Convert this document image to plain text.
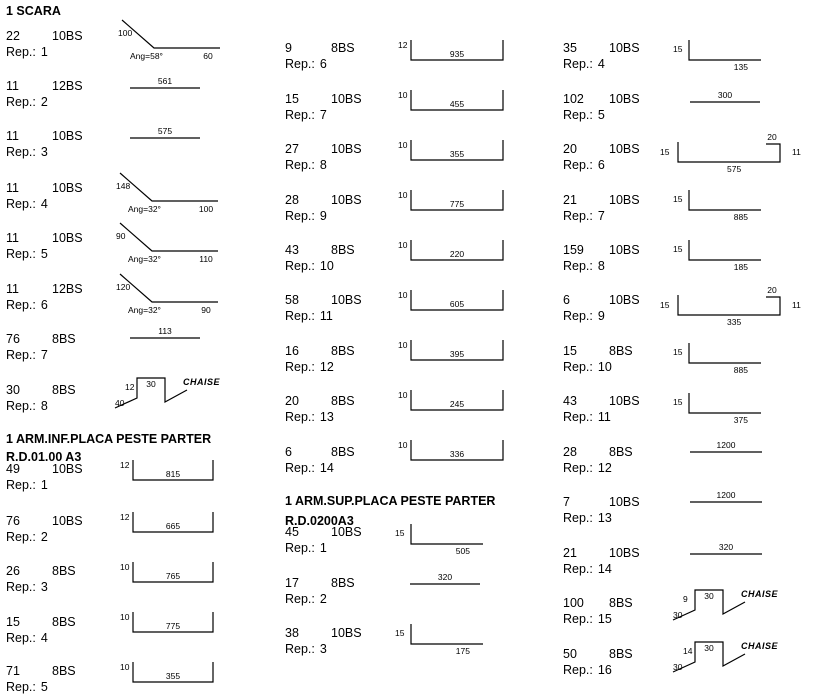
1 SCARA
1 ARM.INF.PLACA PESTE PARTER
R.D.01.00 A3
1 ARM.SUP.PLACA PESTE PARTER
R.D.0200A3
22	10BS
Rep.: 1
11	12BS
Rep.: 2
11	10BS
Rep.: 3
11	10BS
Rep.: 4
11	10BS
Rep.: 5
11	12BS
Rep.: 6
76	8BS
Rep.: 7
30	8BS
Rep.: 8
49	10BS
Rep.: 1
76	10BS
Rep.: 2
26	8BS
Rep.: 3
15	8BS
Rep.: 4
71	8BS
Rep.: 5
9	8BS
Rep.: 6
15	10BS
Rep.: 7
27	10BS
Rep.: 8
28	10BS
Rep.: 9
43	8BS
Rep.: 10
58	10BS
Rep.: 11
16	8BS
Rep.: 12
20	8BS
Rep.: 13
6	8BS
Rep.: 14
45	10BS
Rep.: 1
17	8BS
Rep.: 2
38	10BS
Rep.: 3
35	10BS
Rep.: 4
102 10BS
Rep.: 5
20	10BS
Rep.: 6
21	10BS
Rep.: 7
159 10BS
Rep.: 8
6	10BS
Rep.: 9
15	8BS
Rep.: 10
43	10BS
Rep.: 11
28	8BS
Rep.: 12
7	10BS
Rep.: 13
21	10BS
Rep.: 14
100 8BS
Rep.: 15
50	8BS
Rep.: 16
100
Ang=58°	60
561
575
148
Ang=32°	100
90
Ang=32°	110
120
Ang=32°	90
113
12 30
40
CHAISE
12
815
12
665
10
765
10
775
10
355
12
935
10
455
10
355
10
775
10
220
10
605
10
395
10
245
10
336
15
505
320
15
175
15
135
300
15
575
20
11
15
885
15
185
15
335
20
11
15
885
15
375
1200
1200
320
9 30
30
CHAISE
14 30
30
CHAISE
